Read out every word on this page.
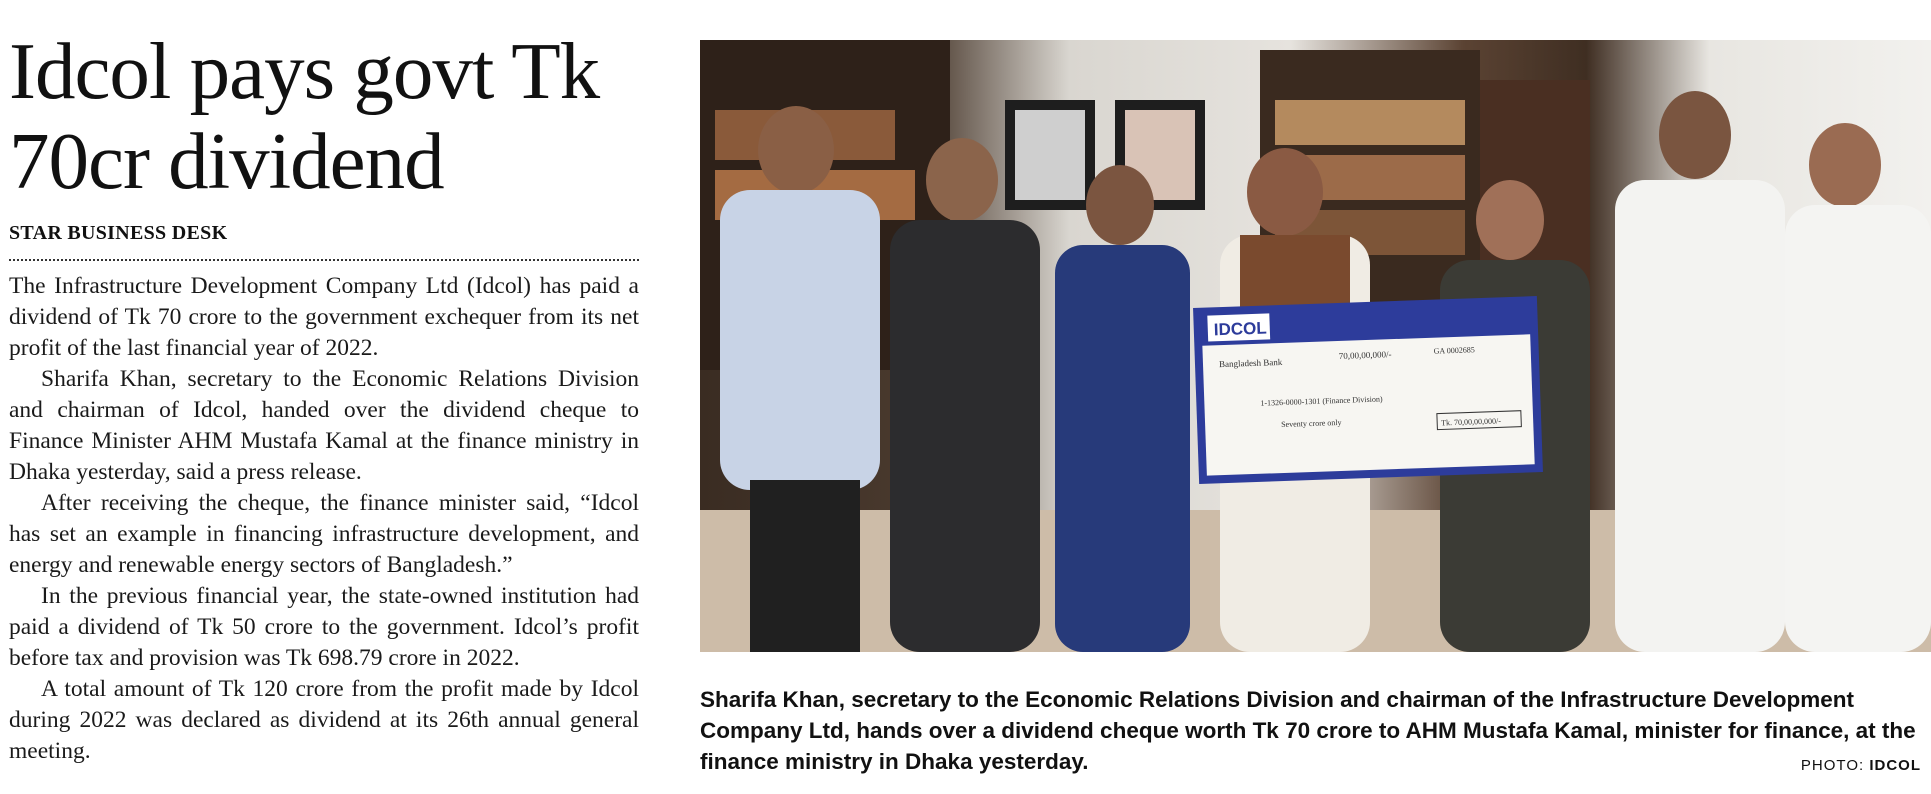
Idcol pays govt Tk 70cr dividend
STAR BUSINESS DESK

The Infrastructure Development Company Ltd (Idcol) has paid a dividend of Tk 70 crore to the government exchequer from its net profit of the last financial year of 2022.

Sharifa Khan, secretary to the Economic Relations Division and chairman of Idcol, handed over the dividend cheque to Finance Minister AHM Mustafa Kamal at the finance ministry in Dhaka yesterday, said a press release.

After receiving the cheque, the finance minister said, “Idcol has set an example in financing infrastructure development, and energy and renewable energy sectors of Bangladesh.”

In the previous financial year, the state-owned institution had paid a dividend of Tk 50 crore to the government. Idcol’s profit before tax and provision was Tk 698.79 crore in 2022.

A total amount of Tk 120 crore from the profit made by Idcol during 2022 was declared as dividend at its 26th annual general meeting.

IDCOL
Bangladesh Bank
70,00,00,000/-	GA 0002685
1-1326-0000-1301 (Finance Division)
Seventy crore only	Tk. 70,00,00,000/-
Sharifa Khan, secretary to the Economic Relations Division and chairman of the Infrastructure Development Company Ltd, hands over a dividend cheque worth Tk 70 crore to AHM Mustafa Kamal, minister for finance, at the finance ministry in Dhaka yesterday.	PHOTO: IDCOL
